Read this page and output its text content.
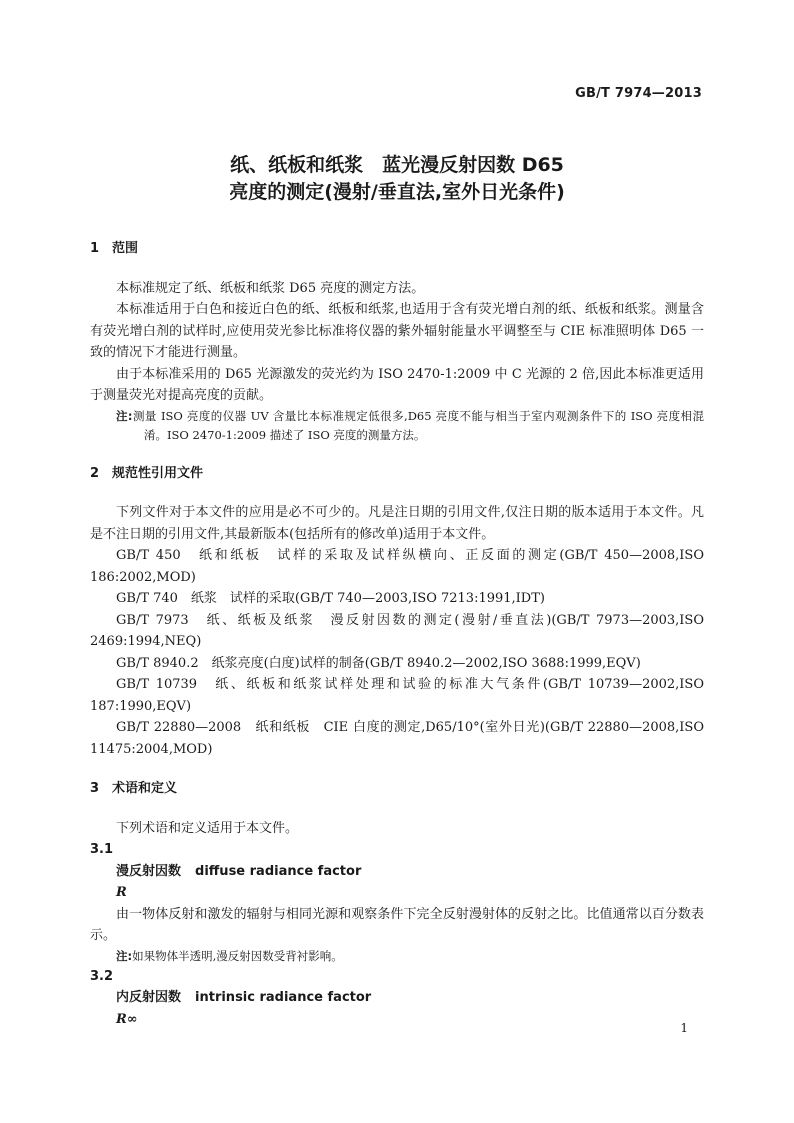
GB/T 7974—2013
纸、纸板和纸浆　蓝光漫反射因数 D65
亮度的测定(漫射/垂直法,室外日光条件)
1 范围

本标准规定了纸、纸板和纸浆 D65 亮度的测定方法。

本标准适用于白色和接近白色的纸、纸板和纸浆,也适用于含有荧光增白剂的纸、纸板和纸浆。测量含有荧光增白剂的试样时,应使用荧光参比标准将仪器的紫外辐射能量水平调整至与 CIE 标准照明体 D65 一致的情况下才能进行测量。

由于本标准采用的 D65 光源激发的荧光约为 ISO 2470-1:2009 中 C 光源的 2 倍,因此本标准更适用于测量荧光对提高亮度的贡献。

注:测量 ISO 亮度的仪器 UV 含量比本标准规定低很多,D65 亮度不能与相当于室内观测条件下的 ISO 亮度相混淆。ISO 2470-1:2009 描述了 ISO 亮度的测量方法。

2 规范性引用文件

下列文件对于本文件的应用是必不可少的。凡是注日期的引用文件,仅注日期的版本适用于本文件。凡是不注日期的引用文件,其最新版本(包括所有的修改单)适用于本文件。

GB/T 450　纸和纸板　试样的采取及试样纵横向、正反面的测定(GB/T 450—2008,ISO 186:2002,MOD)

GB/T 740　纸浆　试样的采取(GB/T 740—2003,ISO 7213:1991,IDT)

GB/T 7973　纸、纸板及纸浆　漫反射因数的测定(漫射/垂直法)(GB/T 7973—2003,ISO 2469:1994,NEQ)

GB/T 8940.2　纸浆亮度(白度)试样的制备(GB/T 8940.2—2002,ISO 3688:1999,EQV)

GB/T 10739　纸、纸板和纸浆试样处理和试验的标准大气条件(GB/T 10739—2002,ISO 187:1990,EQV)

GB/T 22880—2008　纸和纸板　CIE 白度的测定,D65/10°(室外日光)(GB/T 22880—2008,ISO 11475:2004,MOD)

3 术语和定义

下列术语和定义适用于本文件。

3.1
漫反射因数 diffuse radiance factor
R

由一物体反射和激发的辐射与相同光源和观察条件下完全反射漫射体的反射之比。比值通常以百分数表示。

注:如果物体半透明,漫反射因数受背衬影响。

3.2
内反射因数 intrinsic radiance factor
R∞
1
